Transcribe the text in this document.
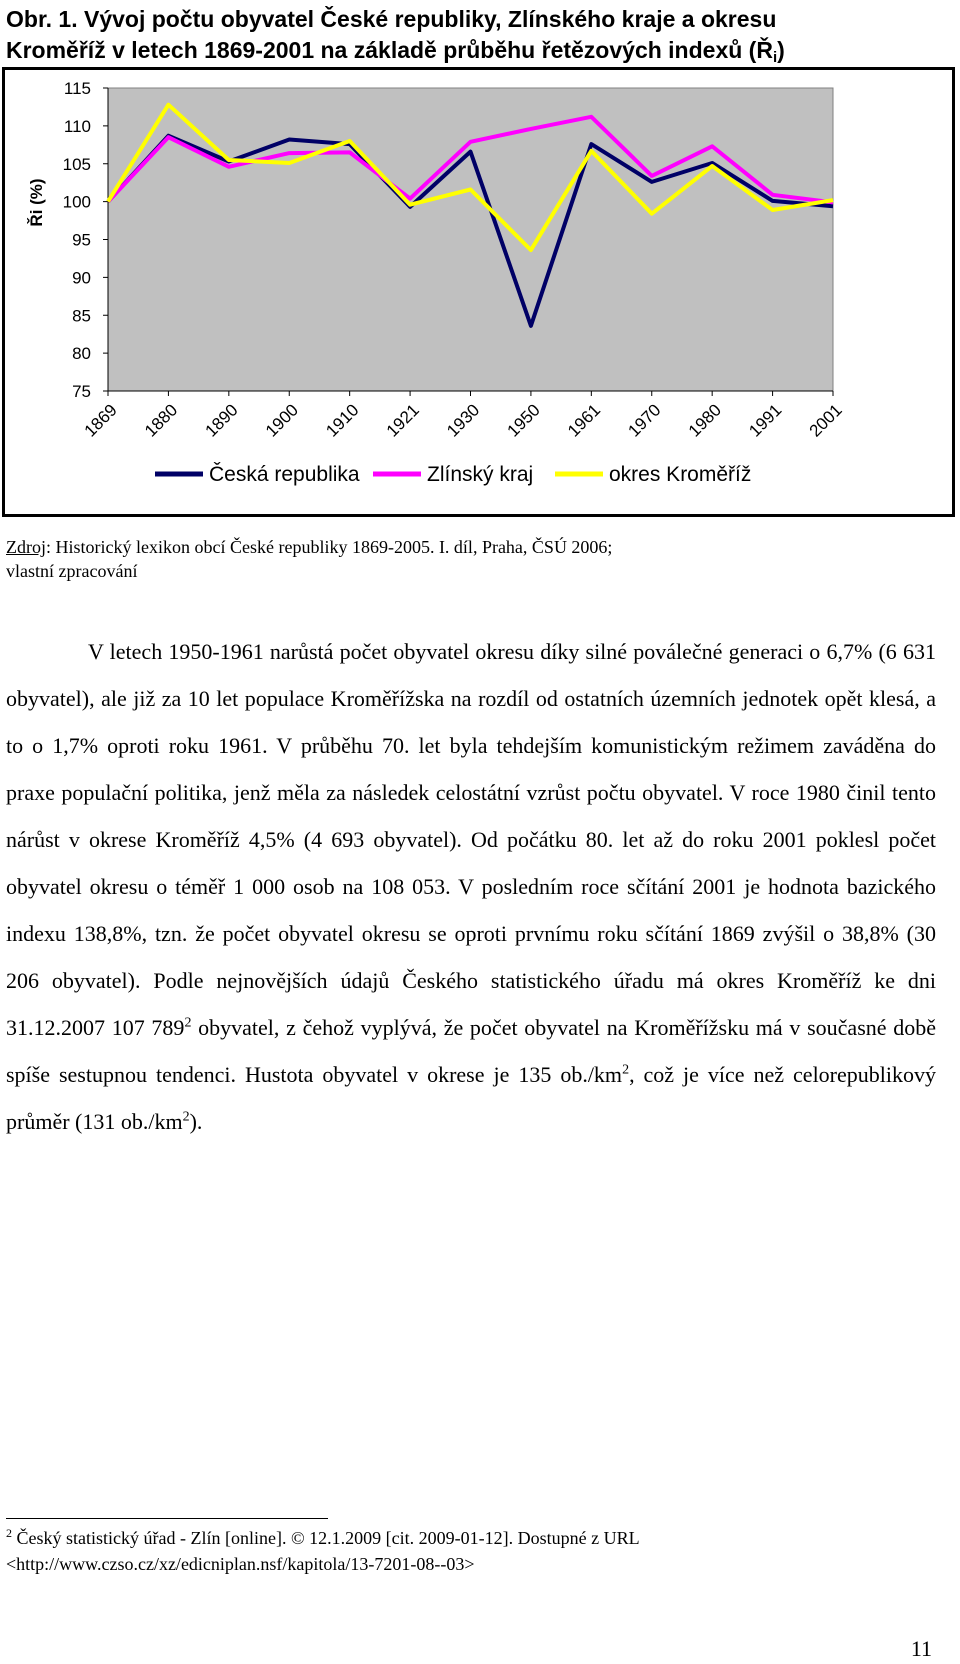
Obr. 1. Vývoj počtu obyvatel České republiky, Zlínského kraje a okresu
Kroměříž v letech 1869-2001 na základě průběhu řetězových indexů $(Ř_i)$
115
110
105
100
95
90
85
80
75
1869 1880 1890 1900 1910 1921 1930 1950 1961 1970 1980 1991 2001
Ři (%)
Česká republika	Zlínský kraj	okres Kroměříž
Zdroj: Historický lexikon obcí České republiky 1869-2005. I. díl, Praha, ČSÚ 2006;
vlastní zpracování
V letech 1950-1961 narůstá počet obyvatel okresu díky silné poválečné generaci o 6,7% (6 631 obyvatel), ale již za 10 let populace Kroměřížska na rozdíl od ostatních územních jednotek opět klesá, a to o 1,7% oproti roku 1961. V průběhu 70. let byla tehdejším komunistickým režimem zaváděna do praxe populační politika, jenž měla za následek celostátní vzrůst počtu obyvatel. V roce 1980 činil tento nárůst v okrese Kroměříž 4,5% (4 693 obyvatel). Od počátku 80. let až do roku 2001 poklesl počet obyvatel okresu o téměř 1 000 osob na 108 053. V posledním roce sčítání 2001 je hodnota bazického indexu 138,8%, tzn. že počet obyvatel okresu se oproti prvnímu roku sčítání 1869 zvýšil o 38,8% (30 206 obyvatel). Podle nejnovějších údajů Českého statistického úřadu má okres Kroměříž ke dni 31.12.2007 107 $789^2$ obyvatel, z čehož vyplývá, že počet obyvatel na Kroměřížsku má v současné době spíše sestupnou tendenci. Hustota obyvatel v okrese je 135 $ob./km^2$, což je více než celorepublikový průměr (131 $ob./km^2$).
$^2$ Český statistický úřad - Zlín [online]. © 12.1.2009 [cit. 2009-01-12]. Dostupné z URL
<http://www.czso.cz/xz/edicniplan.nsf/kapitola/13-7201-08--03>
11
